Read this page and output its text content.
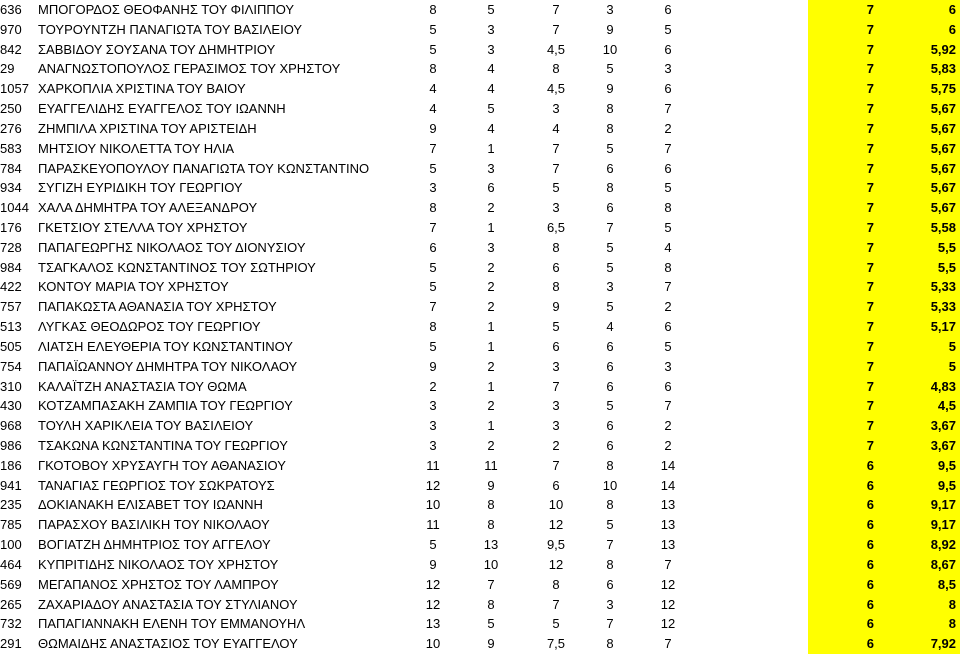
636	ΜΠΟΓΟΡΔΟΣ ΘΕΟΦΑΝΗΣ ΤΟΥ ΦΙΛΙΠΠΟΥ	8	5	7	3	6	7	6
970	ΤΟΥΡΟΥΝΤΖΗ ΠΑΝΑΓΙΩΤΑ ΤΟΥ ΒΑΣΙΛΕΙΟΥ	5	3	7	9	5	7	6
842	ΣΑΒΒΙΔΟΥ ΣΟΥΣΑΝΑ ΤΟΥ ΔΗΜΗΤΡΙΟΥ	5	3	4,5	10	6	7	5,92
29	ΑΝΑΓΝΩΣΤΟΠΟΥΛΟΣ ΓΕΡΑΣΙΜΟΣ ΤΟΥ ΧΡΗΣΤΟΥ	8	4	8	5	3	7	5,83
1057 ΧΑΡΚΟΠΛΙΑ ΧΡΙΣΤΙΝΑ ΤΟΥ ΒΑΙΟΥ	4	4	4,5	9	6	7	5,75
250	ΕΥΑΓΓΕΛΙΔΗΣ ΕΥΑΓΓΕΛΟΣ ΤΟΥ ΙΩΑΝΝΗ	4	5	3	8	7	7	5,67
276	ΖΗΜΠΙΛΑ ΧΡΙΣΤΙΝΑ ΤΟΥ ΑΡΙΣΤΕΙΔΗ	9	4	4	8	2	7	5,67
583	ΜΗΤΣΙΟΥ ΝΙΚΟΛΕΤΤΑ ΤΟΥ ΗΛΙΑ	7	1	7	5	7	7	5,67
784	ΠΑΡΑΣΚΕΥΟΠΟΥΛΟΥ ΠΑΝΑΓΙΩΤΑ ΤΟΥ ΚΩΝΣΤΑΝΤΙΝΟ	5	3	7	6	6	7	5,67
934	ΣΥΓΙΖΗ ΕΥΡΙΔΙΚΗ ΤΟΥ ΓΕΩΡΓΙΟΥ	3	6	5	8	5	7	5,67
1044 ΧΑΛΑ ΔΗΜΗΤΡΑ ΤΟΥ ΑΛΕΞΑΝΔΡΟΥ	8	2	3	6	8	7	5,67
176	ΓΚΕΤΣΙΟΥ ΣΤΕΛΛΑ ΤΟΥ ΧΡΗΣΤΟΥ	7	1	6,5	7	5	7	5,58
728	ΠΑΠΑΓΕΩΡΓΗΣ ΝΙΚΟΛΑΟΣ ΤΟΥ ΔΙΟΝΥΣΙΟΥ	6	3	8	5	4	7	5,5
984	ΤΣΑΓΚΑΛΟΣ ΚΩΝΣΤΑΝΤΙΝΟΣ ΤΟΥ ΣΩΤΗΡΙΟΥ	5	2	6	5	8	7	5,5
422	ΚΟΝΤΟΥ ΜΑΡΙΑ ΤΟΥ ΧΡΗΣΤΟΥ	5	2	8	3	7	7	5,33
757	ΠΑΠΑΚΩΣΤΑ ΑΘΑΝΑΣΙΑ ΤΟΥ ΧΡΗΣΤΟΥ	7	2	9	5	2	7	5,33
513	ΛΥΓΚΑΣ ΘΕΟΔΩΡΟΣ ΤΟΥ ΓΕΩΡΓΙΟΥ	8	1	5	4	6	7	5,17
505	ΛΙΑΤΣΗ ΕΛΕΥΘΕΡΙΑ ΤΟΥ ΚΩΝΣΤΑΝΤΙΝΟΥ	5	1	6	6	5	7	5
754	ΠΑΠΑΪΩΑΝΝΟΥ ΔΗΜΗΤΡΑ ΤΟΥ ΝΙΚΟΛΑΟΥ	9	2	3	6	3	7	5
310	ΚΑΛΑΪΤΖΗ ΑΝΑΣΤΑΣΙΑ ΤΟΥ ΘΩΜΑ	2	1	7	6	6	7	4,83
430	ΚΟΤΖΑΜΠΑΣΑΚΗ ΖΑΜΠΙΑ ΤΟΥ ΓΕΩΡΓΙΟΥ	3	2	3	5	7	7	4,5
968	ΤΟΥΛΗ ΧΑΡΙΚΛΕΙΑ ΤΟΥ ΒΑΣΙΛΕΙΟΥ	3	1	3	6	2	7	3,67
986	ΤΣΑΚΩΝΑ ΚΩΝΣΤΑΝΤΙΝΑ ΤΟΥ ΓΕΩΡΓΙΟΥ	3	2	2	6	2	7	3,67
186	ΓΚΟΤΟΒΟΥ ΧΡΥΣΑΥΓΗ ΤΟΥ ΑΘΑΝΑΣΙΟΥ	11	11	7	8	14	6	9,5
941	ΤΑΝΑΓΙΑΣ ΓΕΩΡΓΙΟΣ ΤΟΥ ΣΩΚΡΑΤΟΥΣ	12	9	6	10	14	6	9,5
235	ΔΟΚΙΑΝΑΚΗ ΕΛΙΣΑΒΕΤ ΤΟΥ ΙΩΑΝΝΗ	10	8	10	8	13	6	9,17
785	ΠΑΡΑΣΧΟΥ ΒΑΣΙΛΙΚΗ ΤΟΥ ΝΙΚΟΛΑΟΥ	11	8	12	5	13	6	9,17
100	ΒΟΓΙΑΤΖΗ ΔΗΜΗΤΡΙΟΣ ΤΟΥ ΑΓΓΕΛΟΥ	5	13	9,5	7	13	6	8,92
464	ΚΥΠΡΙΤΙΔΗΣ ΝΙΚΟΛΑΟΣ ΤΟΥ ΧΡΗΣΤΟΥ	9	10	12	8	7	6	8,67
569	ΜΕΓΑΠΑΝΟΣ ΧΡΗΣΤΟΣ ΤΟΥ ΛΑΜΠΡΟΥ	12	7	8	6	12	6	8,5
265	ΖΑΧΑΡΙΑΔΟΥ ΑΝΑΣΤΑΣΙΑ ΤΟΥ ΣΤΥΛΙΑΝΟΥ	12	8	7	3	12	6	8
732	ΠΑΠΑΓΙΑΝΝΑΚΗ ΕΛΕΝΗ ΤΟΥ ΕΜΜΑΝΟΥΗΛ	13	5	5	7	12	6	8
291	ΘΩΜΑΙΔΗΣ ΑΝΑΣΤΑΣΙΟΣ ΤΟΥ ΕΥΑΓΓΕΛΟΥ	10	9	7,5	8	7	6	7,92
